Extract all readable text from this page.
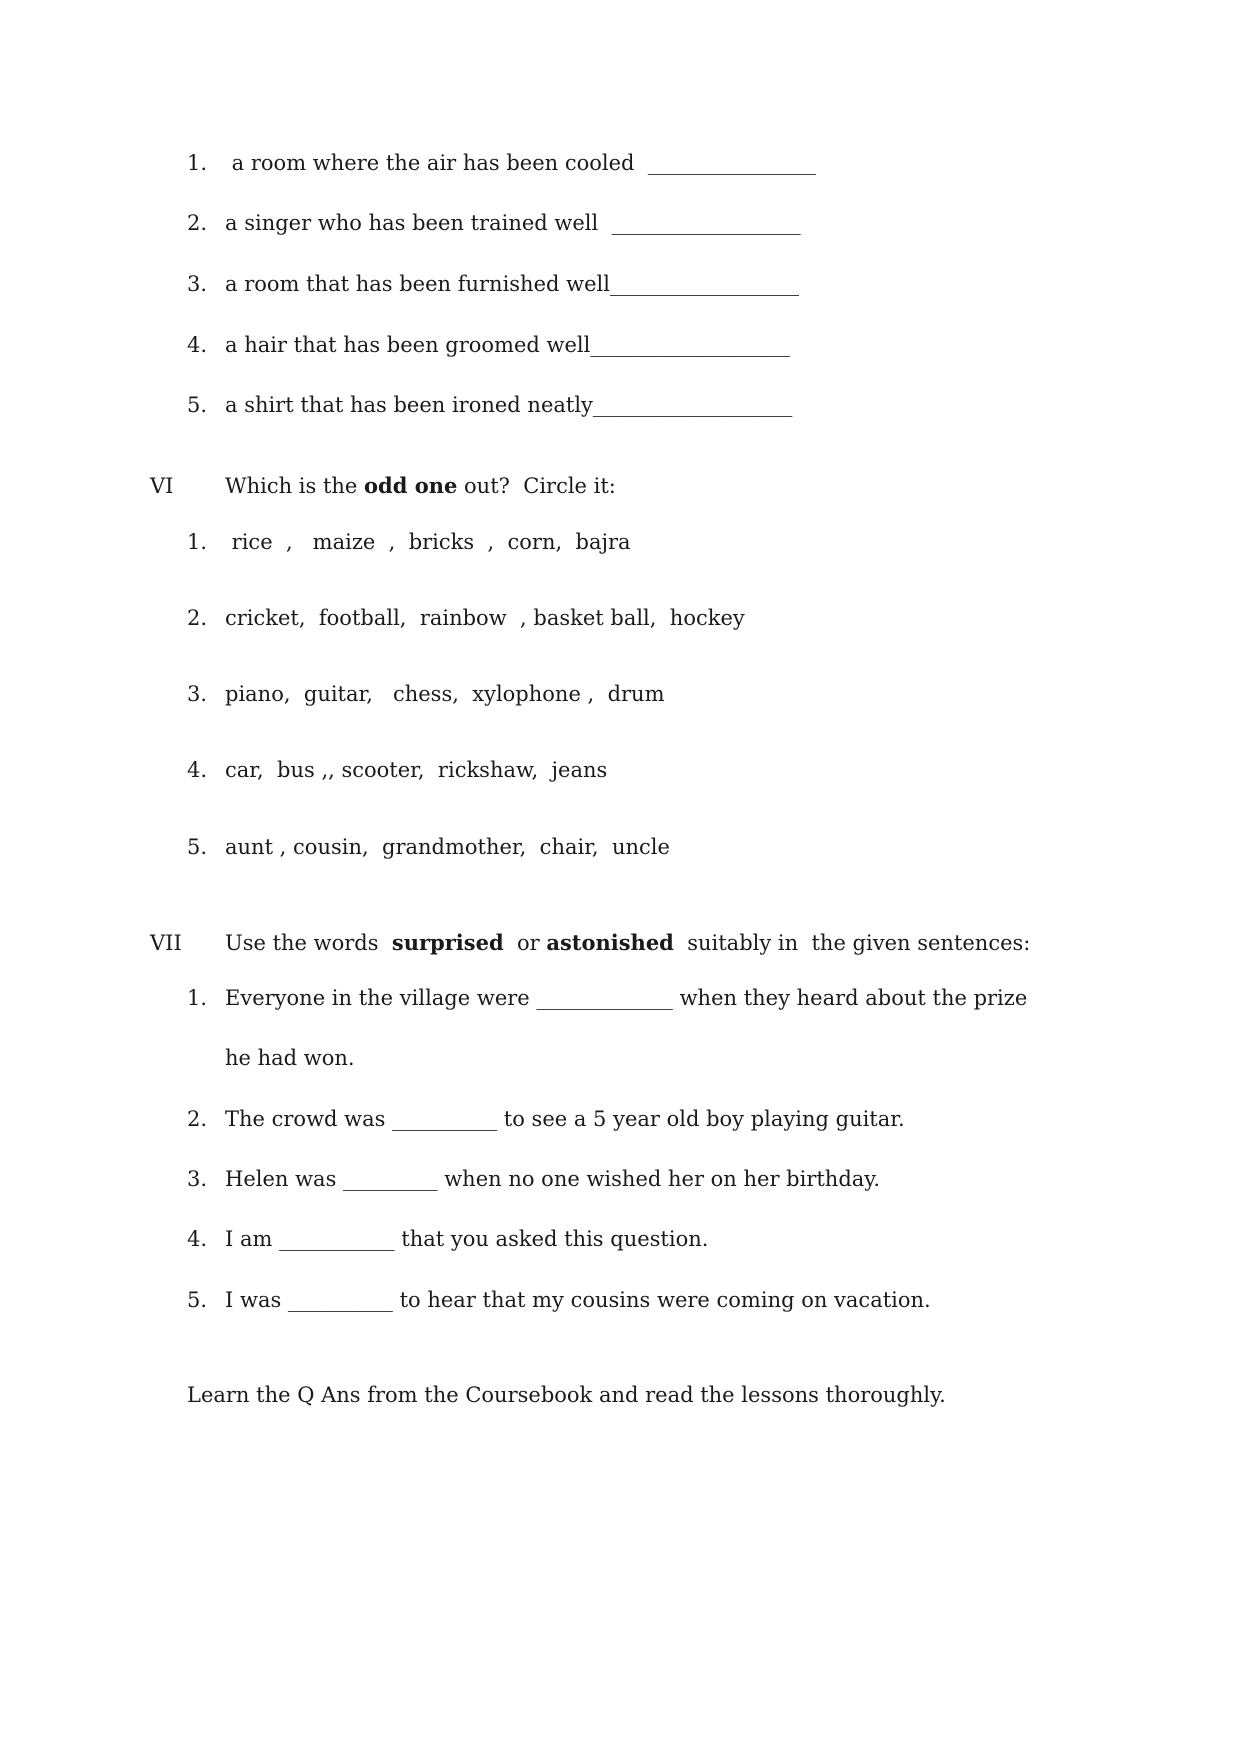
1. a room where the air has been cooled  ________________
2. a singer who has been trained well  __________________
3. a room that has been furnished well__________________
4. a hair that has been groomed well___________________
5. a shirt that has been ironed neatly___________________
VI Which is the odd one out?  Circle it:
1. rice  ,   maize  ,  bricks  ,  corn,  bajra
2. cricket,  football,  rainbow  , basket ball,  hockey
3. piano,  guitar,   chess,  xylophone ,  drum
4. car,  bus ,, scooter,  rickshaw,  jeans
5. aunt , cousin,  grandmother,  chair,  uncle
VII Use the words  surprised  or astonished  suitably in  the given sentences:
1. Everyone in the village were _____________ when they heard about the prize
he had won.
2. The crowd was __________ to see a 5 year old boy playing guitar.
3. Helen was _________ when no one wished her on her birthday.
4. I am ___________ that you asked this question.
5. I was __________ to hear that my cousins were coming on vacation.
Learn the Q Ans from the Coursebook and read the lessons thoroughly.
